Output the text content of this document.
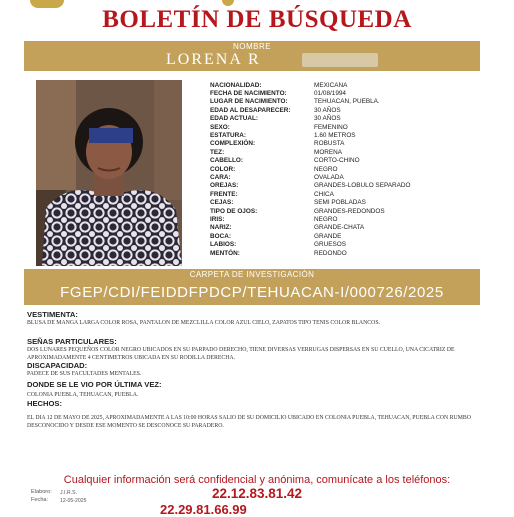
BOLETÍN DE BÚSQUEDA
NOMBRE
LORENA R
NACIONALIDAD:	MEXICANA
FECHA DE NACIMIENTO:	01/08/1994
LUGAR DE NACIMIENTO:	TEHUACAN, PUEBLA.
EDAD AL DESAPARECER:	30 AÑOS
EDAD ACTUAL:	30 AÑOS
SEXO:	FEMENINO
ESTATURA:	1.60 METROS
COMPLEXIÓN:	ROBUSTA
TEZ:	MORENA
CABELLO:	CORTO-CHINO
COLOR:	NEGRO
CARA:	OVALADA
OREJAS:	GRANDES-LOBULO SEPARADO
FRENTE:	CHICA
CEJAS:	SEMI POBLADAS
TIPO DE OJOS:	GRANDES-REDONDOS
IRIS:	NEGRO
NARIZ:	GRANDE-CHATA
BOCA:	GRANDE
LABIOS:	GRUESOS
MENTÓN:	REDONDO
CARPETA DE INVESTIGACIÓN
FGEP/CDI/FEIDDFPDCP/TEHUACAN-I/000726/2025
VESTIMENTA:
BLUSA DE MANGA LARGA COLOR ROSA, PANTALON DE MEZCLILLA COLOR AZUL CIELO, ZAPATOS TIPO TENIS COLOR BLANCOS.
SEÑAS PARTICULARES:
DOS LUNARES PEQUEÑOS COLOR NEGRO UBICADOS EN SU PARPADO DERECHO, TIENE DIVERSAS VERRUGAS DISPERSAS EN SU CUELLO, UNA CICATRIZ DE APROXIMADAMENTE 4 CENTIMETROS UBICADA EN SU RODILLA DERECHA.
DISCAPACIDAD:
PADECE DE SUS FACULTADES MENTALES.
DONDE SE LE VIO POR ÚLTIMA VEZ:
COLONIA PUEBLA, TEHUACAN, PUEBLA.
HECHOS:
EL DIA 12 DE MAYO DE 2025, APROXIMADAMENTE A LAS 10:00 HORAS SALIO DE SU DOMICILIO UBICADO EN COLONIA PUEBLA, TEHUACAN, PUEBLA CON RUMBO DESCONOCIDO Y DESDE ESE MOMENTO SE DESCONOCE SU PARADERO.
Cualquier información será confidencial y anónima, comunícate a los teléfonos:
22.12.83.81.42
22.29.81.66.99
Elaboro: J.I.R.S.
Fecha: 12-05-2025
